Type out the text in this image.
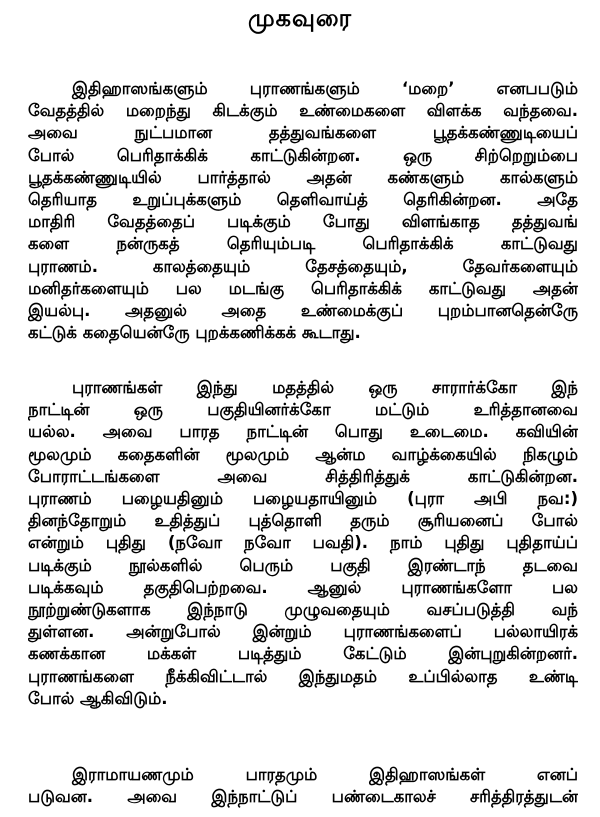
முகவுரை
இதிஹாஸங்களும் புராணங்களும் ‘மறை’ எனபபடும்
வேதத்தில் மறைந்து கிடக்கும் உண்மைகளை விளக்க வந்தவை.
அவை நுட்பமான தத்துவங்களை பூதக்கண்ணுடியைப்
போல் பெரிதாக்கிக் காட்டுகின்றன. ஒரு சிற்றெறும்பை
பூதக்கண்ணுடியில் பார்த்தால் அதன் கண்களும் கால்களும்
தெரியாத உறுப்புக்களும் தெளிவாய்த் தெரிகின்றன. அதே
மாதிரி வேதத்தைப் படிக்கும் போது விளங்காத தத்துவங்
களை நன்ருகத் தெரியும்படி பெரிதாக்கிக் காட்டுவது
புராணம். காலத்தையும் தேசத்தையும், தேவர்களையும்
மனிதர்களையும் பல மடங்கு பெரிதாக்கிக் காட்டுவது அதன்
இயல்பு. அதனுல் அதை உண்மைக்குப் புறம்பானதென்ருே
கட்டுக் கதையென்ருே புறக்கணிக்கக் கூடாது.
புராணங்கள் இந்து மதத்தில் ஒரு சாரார்க்கோ இந்
நாட்டின் ஒரு பகுதியினர்க்கோ மட்டும் உரித்தானவை
யல்ல. அவை பாரத நாட்டின் பொது உடைமை. கவியின்
மூலமும் கதைகளின் மூலமும் ஆன்ம வாழ்க்கையில் நிகழும்
போராட்டங்களை அவை சித்திரித்துக் காட்டுகின்றன.
புராணம் பழையதினும் பழையதாயினும் (புரா அபி நவ:)
தினந்தோறும் உதித்துப் புத்தொளி தரும் சூரியனைப் போல்
என்றும் புதிது (நவோ நவோ பவதி). நாம் புதிது புதிதாய்ப்
படிக்கும் நூல்களில் பெரும் பகுதி இரண்டாந் தடவை
படிக்கவும் தகுதிபெற்றவை. ஆனுல் புராணங்களோ பல
நூற்றுண்டுகளாக இந்நாடு முழுவதையும் வசப்படுத்தி வந்
துள்ளன. அன்றுபோல் இன்றும் புராணங்களைப் பல்லாயிரக்
கணக்கான மக்கள் படித்தும் கேட்டும் இன்புறுகின்றனர்.
புராணங்களை நீக்கிவிட்டால் இந்துமதம் உப்பில்லாத உண்டி
போல் ஆகிவிடும்.
இராமாயணமும் பாரதமும் இதிஹாஸங்கள் எனப்
படுவன. அவை இந்நாட்டுப் பண்டைகாலச் சரித்திரத்துடன்
